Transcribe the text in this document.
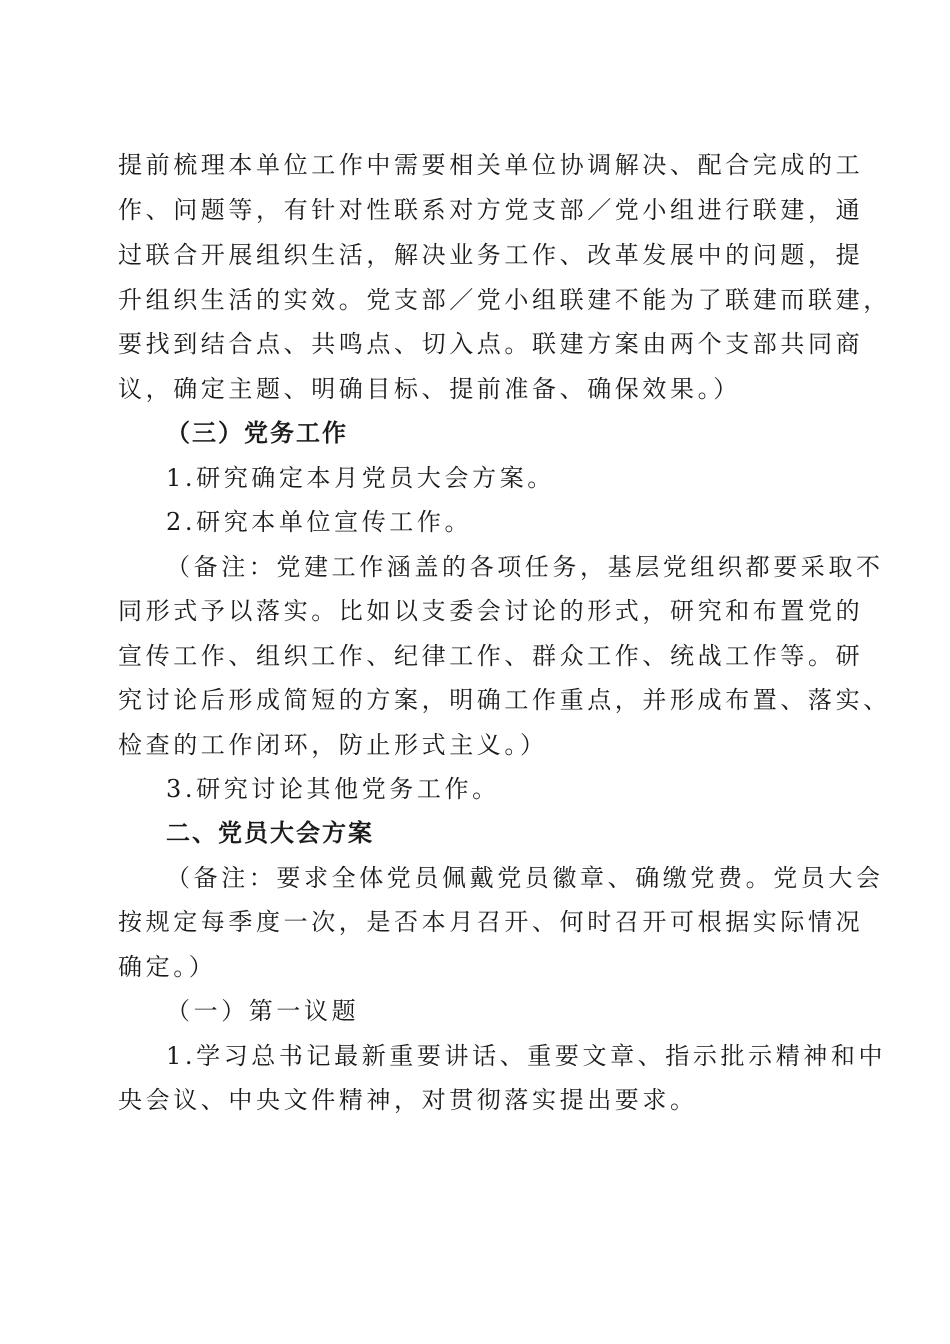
提前梳理本单位工作中需要相关单位协调解决、配合完成的工
作、问题等，有针对性联系对方党支部／党小组进行联建，通
过联合开展组织生活，解决业务工作、改革发展中的问题，提
升组织生活的实效。党支部／党小组联建不能为了联建而联建，
要找到结合点、共鸣点、切入点。联建方案由两个支部共同商
议，确定主题、明确目标、提前准备、确保效果。）
（三）党务工作
1.研究确定本月党员大会方案。
2.研究本单位宣传工作。
（备注：党建工作涵盖的各项任务，基层党组织都要采取不
同形式予以落实。比如以支委会讨论的形式，研究和布置党的
宣传工作、组织工作、纪律工作、群众工作、统战工作等。研
究讨论后形成简短的方案，明确工作重点，并形成布置、落实、
检查的工作闭环，防止形式主义。）
3.研究讨论其他党务工作。
二、党员大会方案
（备注：要求全体党员佩戴党员徽章、确缴党费。党员大会
按规定每季度一次，是否本月召开、何时召开可根据实际情况
确定。）
（一）第一议题
1.学习总书记最新重要讲话、重要文章、指示批示精神和中
央会议、中央文件精神，对贯彻落实提出要求。
